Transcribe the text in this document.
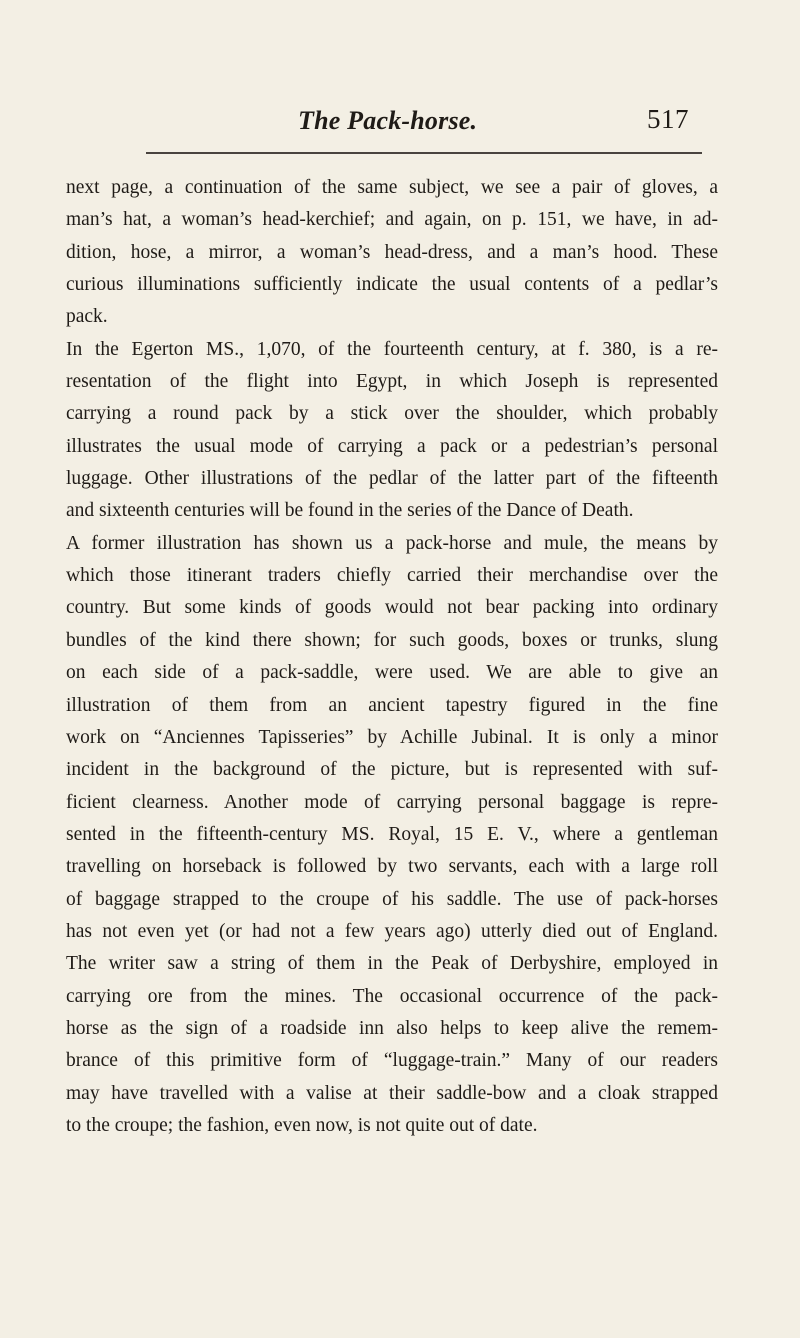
The Pack-horse.	517
next page, a continuation of the same subject, we see a pair of gloves, a
man’s hat, a woman’s head-kerchief; and again, on p. 151, we have, in ad-
dition, hose, a mirror, a woman’s head-dress, and a man’s hood. These
curious illuminations sufficiently indicate the usual contents of a pedlar’s
pack.
In the Egerton MS., 1,070, of the fourteenth century, at f. 380, is a re-
resentation of the flight into Egypt, in which Joseph is represented
carrying a round pack by a stick over the shoulder, which probably
illustrates the usual mode of carrying a pack or a pedestrian’s personal
luggage. Other illustrations of the pedlar of the latter part of the fifteenth
and sixteenth centuries will be found in the series of the Dance of Death.
A former illustration has shown us a pack-horse and mule, the means by
which those itinerant traders chiefly carried their merchandise over the
country. But some kinds of goods would not bear packing into ordinary
bundles of the kind there shown; for such goods, boxes or trunks, slung
on each side of a pack-saddle, were used. We are able to give an
illustration of them from an ancient tapestry figured in the fine
work on “Anciennes Tapisseries” by Achille Jubinal. It is only a minor
incident in the background of the picture, but is represented with suf-
ficient clearness. Another mode of carrying personal baggage is repre-
sented in the fifteenth-century MS. Royal, 15 E. V., where a gentleman
travelling on horseback is followed by two servants, each with a large roll
of baggage strapped to the croupe of his saddle. The use of pack-horses
has not even yet (or had not a few years ago) utterly died out of England.
The writer saw a string of them in the Peak of Derbyshire, employed in
carrying ore from the mines. The occasional occurrence of the pack-
horse as the sign of a roadside inn also helps to keep alive the remem-
brance of this primitive form of “luggage-train.” Many of our readers
may have travelled with a valise at their saddle-bow and a cloak strapped
to the croupe; the fashion, even now, is not quite out of date.
